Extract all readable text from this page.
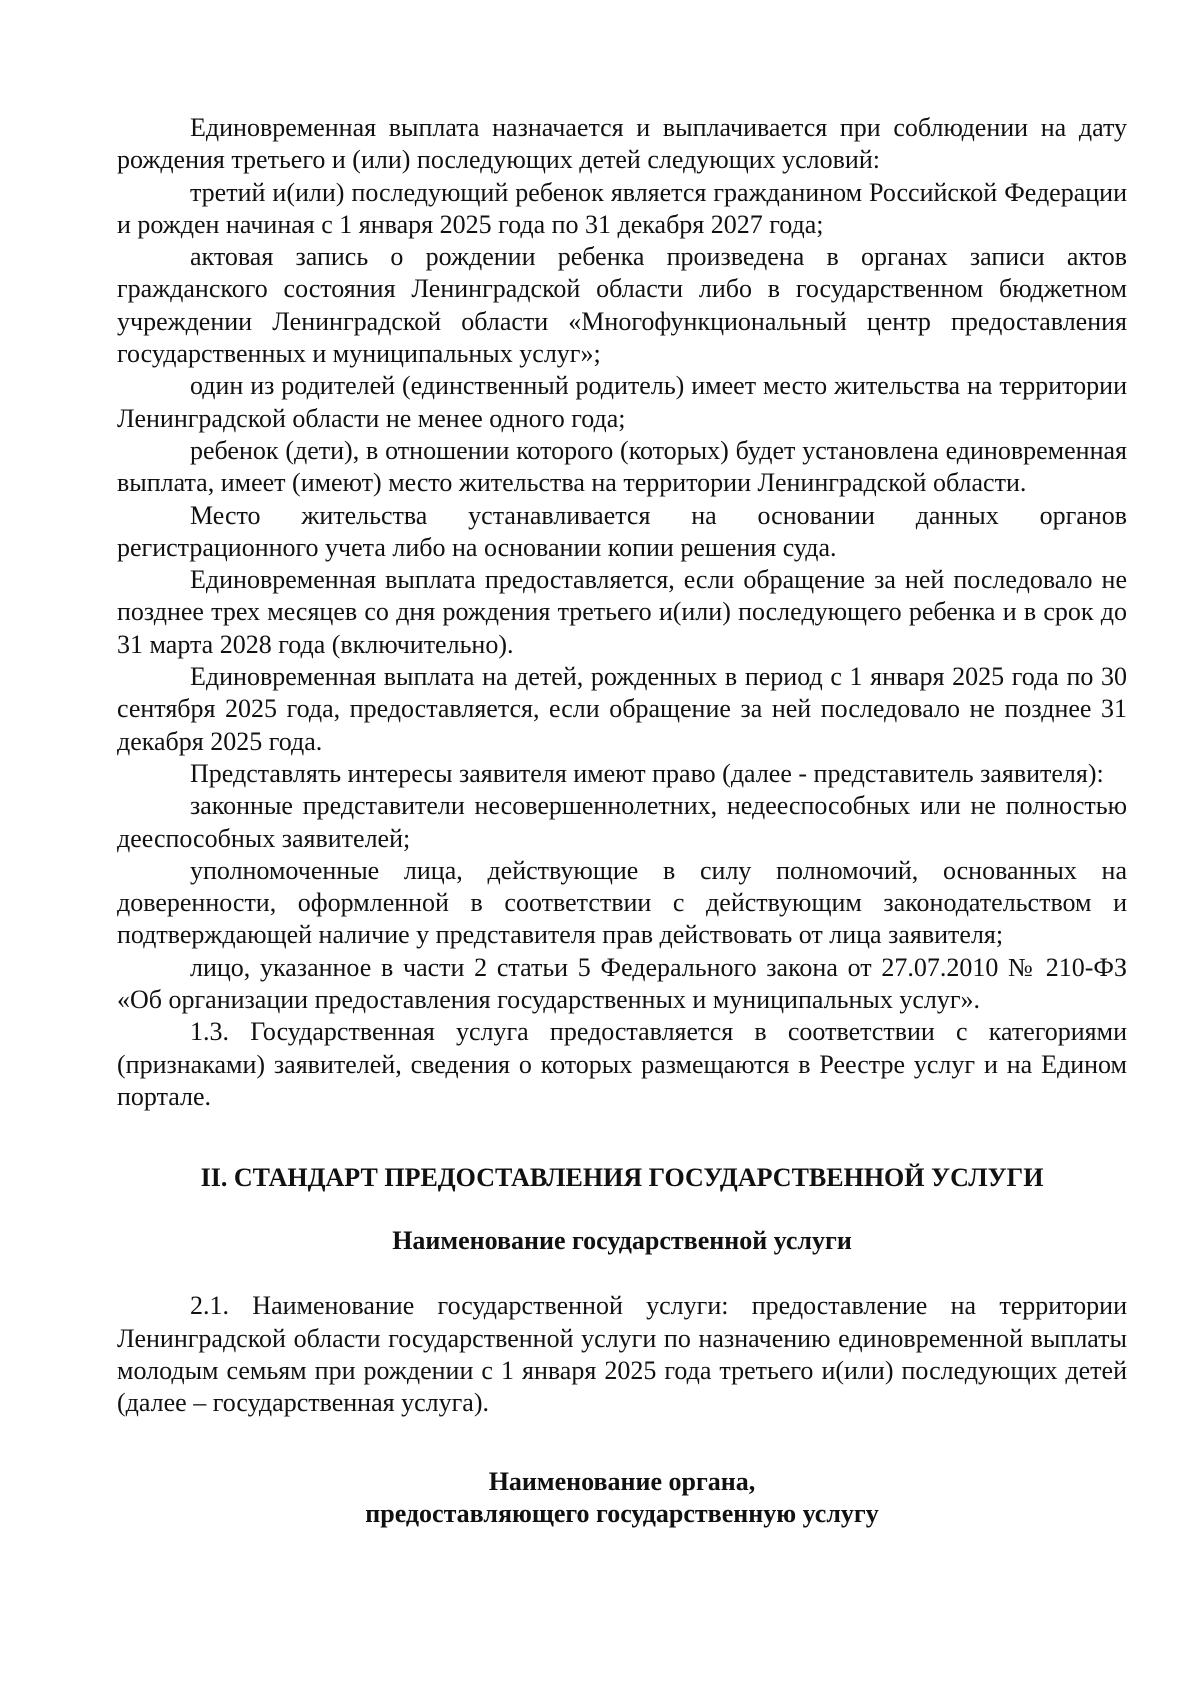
Единовременная выплата назначается и выплачивается при соблюдении на дату рождения третьего и (или) последующих детей следующих условий:

третий и(или) последующий ребенок является гражданином Российской Федерации и рожден начиная с 1 января 2025 года по 31 декабря 2027 года;

актовая запись о рождении ребенка произведена в органах записи актов гражданского состояния Ленинградской области либо в государственном бюджетном учреждении Ленинградской области «Многофункциональный центр предоставления государственных и муниципальных услуг»;

один из родителей (единственный родитель) имеет место жительства на территории Ленинградской области не менее одного года;

ребенок (дети), в отношении которого (которых) будет установлена единовременная выплата, имеет (имеют) место жительства на территории Ленинградской области.

Место жительства устанавливается на основании данных органов регистрационного учета либо на основании копии решения суда.

Единовременная выплата предоставляется, если обращение за ней последовало не позднее трех месяцев со дня рождения третьего и(или) последующего ребенка и в срок до 31 марта 2028 года (включительно).

Единовременная выплата на детей, рожденных в период с 1 января 2025 года по 30 сентября 2025 года, предоставляется, если обращение за ней последовало не позднее 31 декабря 2025 года.

Представлять интересы заявителя имеют право (далее - представитель заявителя):

законные представители несовершеннолетних, недееспособных или не полностью дееспособных заявителей;

уполномоченные лица, действующие в силу полномочий, основанных на доверенности, оформленной в соответствии с действующим законодательством и подтверждающей наличие у представителя прав действовать от лица заявителя;

лицо, указанное в части 2 статьи 5 Федерального закона от 27.07.2010 № 210-ФЗ «Об организации предоставления государственных и муниципальных услуг».

1.3. Государственная услуга предоставляется в соответствии с категориями (признаками) заявителей, сведения о которых размещаются в Реестре услуг и на Едином портале.

II. СТАНДАРТ ПРЕДОСТАВЛЕНИЯ ГОСУДАРСТВЕННОЙ УСЛУГИ
Наименование государственной услуги

2.1. Наименование государственной услуги: предоставление на территории Ленинградской области государственной услуги по назначению единовременной выплаты молодым семьям при рождении с 1 января 2025 года третьего и(или) последующих детей (далее – государственная услуга).

Наименование органа,
предоставляющего государственную услугу
